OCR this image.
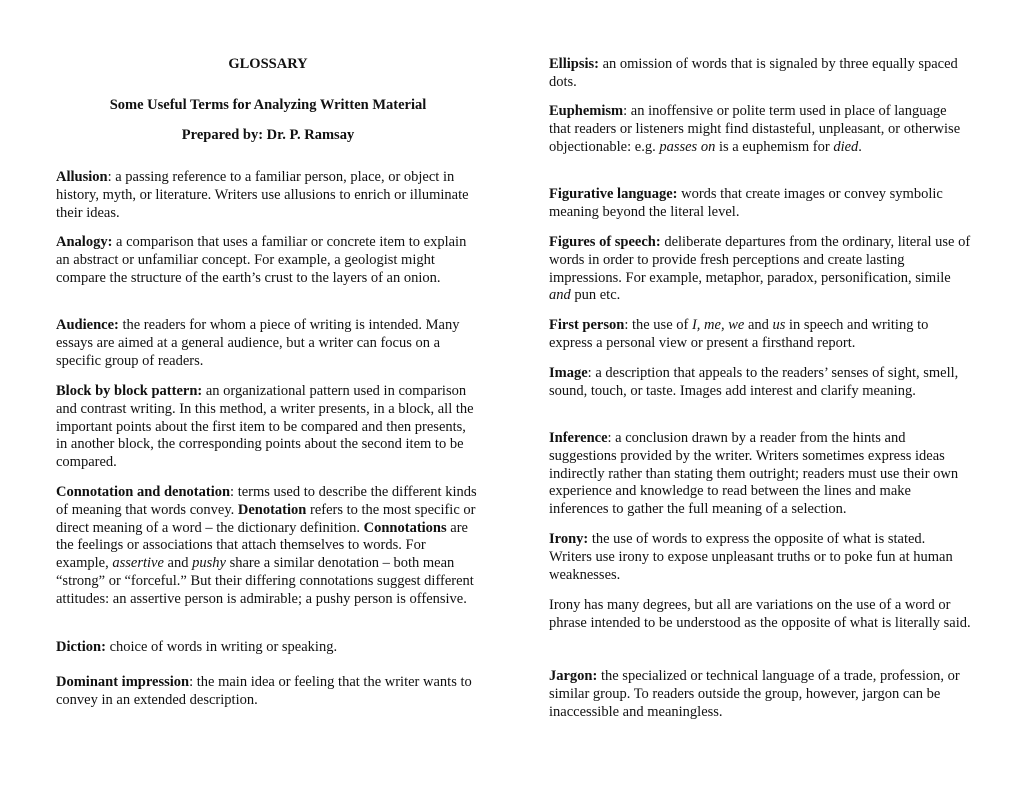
GLOSSARY
Some Useful Terms for Analyzing Written Material
Prepared by: Dr. P. Ramsay

Allusion: a passing reference to a familiar person, place, or object in history, myth, or literature. Writers use allusions to enrich or illuminate their ideas.

Analogy: a comparison that uses a familiar or concrete item to explain an abstract or unfamiliar concept. For example, a geologist might compare the structure of the earth’s crust to the layers of an onion.

Audience: the readers for whom a piece of writing is intended. Many essays are aimed at a general audience, but a writer can focus on a specific group of readers.

Block by block pattern: an organizational pattern used in comparison and contrast writing. In this method, a writer presents, in a block, all the important points about the first item to be compared and then presents, in another block, the corresponding points about the second item to be compared.

Connotation and denotation: terms used to describe the different kinds of meaning that words convey. Denotation refers to the most specific or direct meaning of a word – the dictionary definition. Connotations are the feelings or associations that attach themselves to words. For example, assertive and pushy share a similar denotation – both mean “strong” or “forceful.” But their differing connotations suggest different attitudes: an assertive person is admirable; a pushy person is offensive.

Diction: choice of words in writing or speaking.

Dominant impression: the main idea or feeling that the writer wants to convey in an extended description.

Ellipsis: an omission of words that is signaled by three equally spaced dots.

Euphemism: an inoffensive or polite term used in place of language that readers or listeners might find distasteful, unpleasant, or otherwise objectionable: e.g. passes on is a euphemism for died.

Figurative language: words that create images or convey symbolic meaning beyond the literal level.

Figures of speech: deliberate departures from the ordinary, literal use of words in order to provide fresh perceptions and create lasting impressions. For example, metaphor, paradox, personification, simile and pun etc.

First person: the use of I, me, we and us in speech and writing to express a personal view or present a firsthand report.

Image: a description that appeals to the readers’ senses of sight, smell, sound, touch, or taste. Images add interest and clarify meaning.

Inference: a conclusion drawn by a reader from the hints and suggestions provided by the writer. Writers sometimes express ideas indirectly rather than stating them outright; readers must use their own experience and knowledge to read between the lines and make inferences to gather the full meaning of a selection.

Irony: the use of words to express the opposite of what is stated. Writers use irony to expose unpleasant truths or to poke fun at human weaknesses.

Irony has many degrees, but all are variations on the use of a word or phrase intended to be understood as the opposite of what is literally said.

Jargon: the specialized or technical language of a trade, profession, or similar group. To readers outside the group, however, jargon can be inaccessible and meaningless.
